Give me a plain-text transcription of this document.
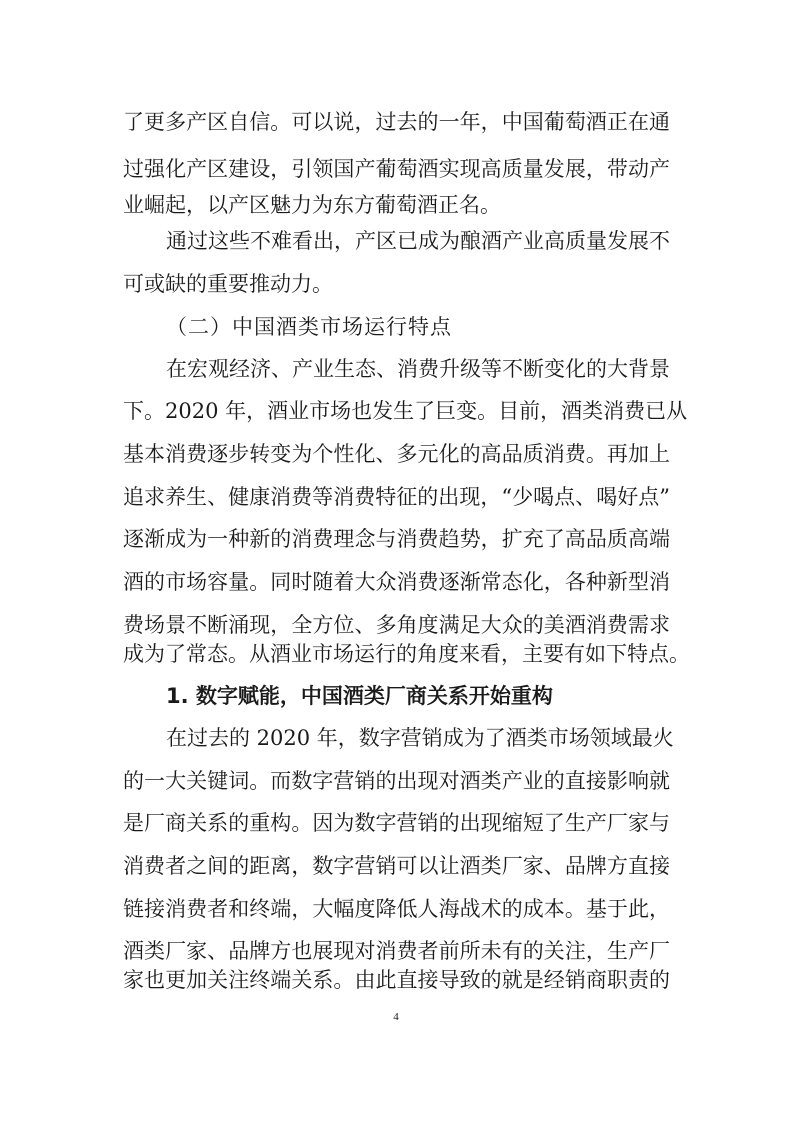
了更多产区自信。可以说，过去的一年，中国葡萄酒正在通
过强化产区建设，引领国产葡萄酒实现高质量发展，带动产
业崛起，以产区魅力为东方葡萄酒正名。
通过这些不难看出，产区已成为酿酒产业高质量发展不
可或缺的重要推动力。
（二）中国酒类市场运行特点
在宏观经济、产业生态、消费升级等不断变化的大背景
下。2020 年，酒业市场也发生了巨变。目前，酒类消费已从
基本消费逐步转变为个性化、多元化的高品质消费。再加上
追求养生、健康消费等消费特征的出现，“少喝点、喝好点”
逐渐成为一种新的消费理念与消费趋势，扩充了高品质高端
酒的市场容量。同时随着大众消费逐渐常态化，各种新型消
费场景不断涌现，全方位、多角度满足大众的美酒消费需求
成为了常态。从酒业市场运行的角度来看，主要有如下特点。
1. 数字赋能，中国酒类厂商关系开始重构
在过去的 2020 年，数字营销成为了酒类市场领域最火
的一大关键词。而数字营销的出现对酒类产业的直接影响就
是厂商关系的重构。因为数字营销的出现缩短了生产厂家与
消费者之间的距离，数字营销可以让酒类厂家、品牌方直接
链接消费者和终端，大幅度降低人海战术的成本。基于此，
酒类厂家、品牌方也展现对消费者前所未有的关注，生产厂
家也更加关注终端关系。由此直接导致的就是经销商职责的
4
